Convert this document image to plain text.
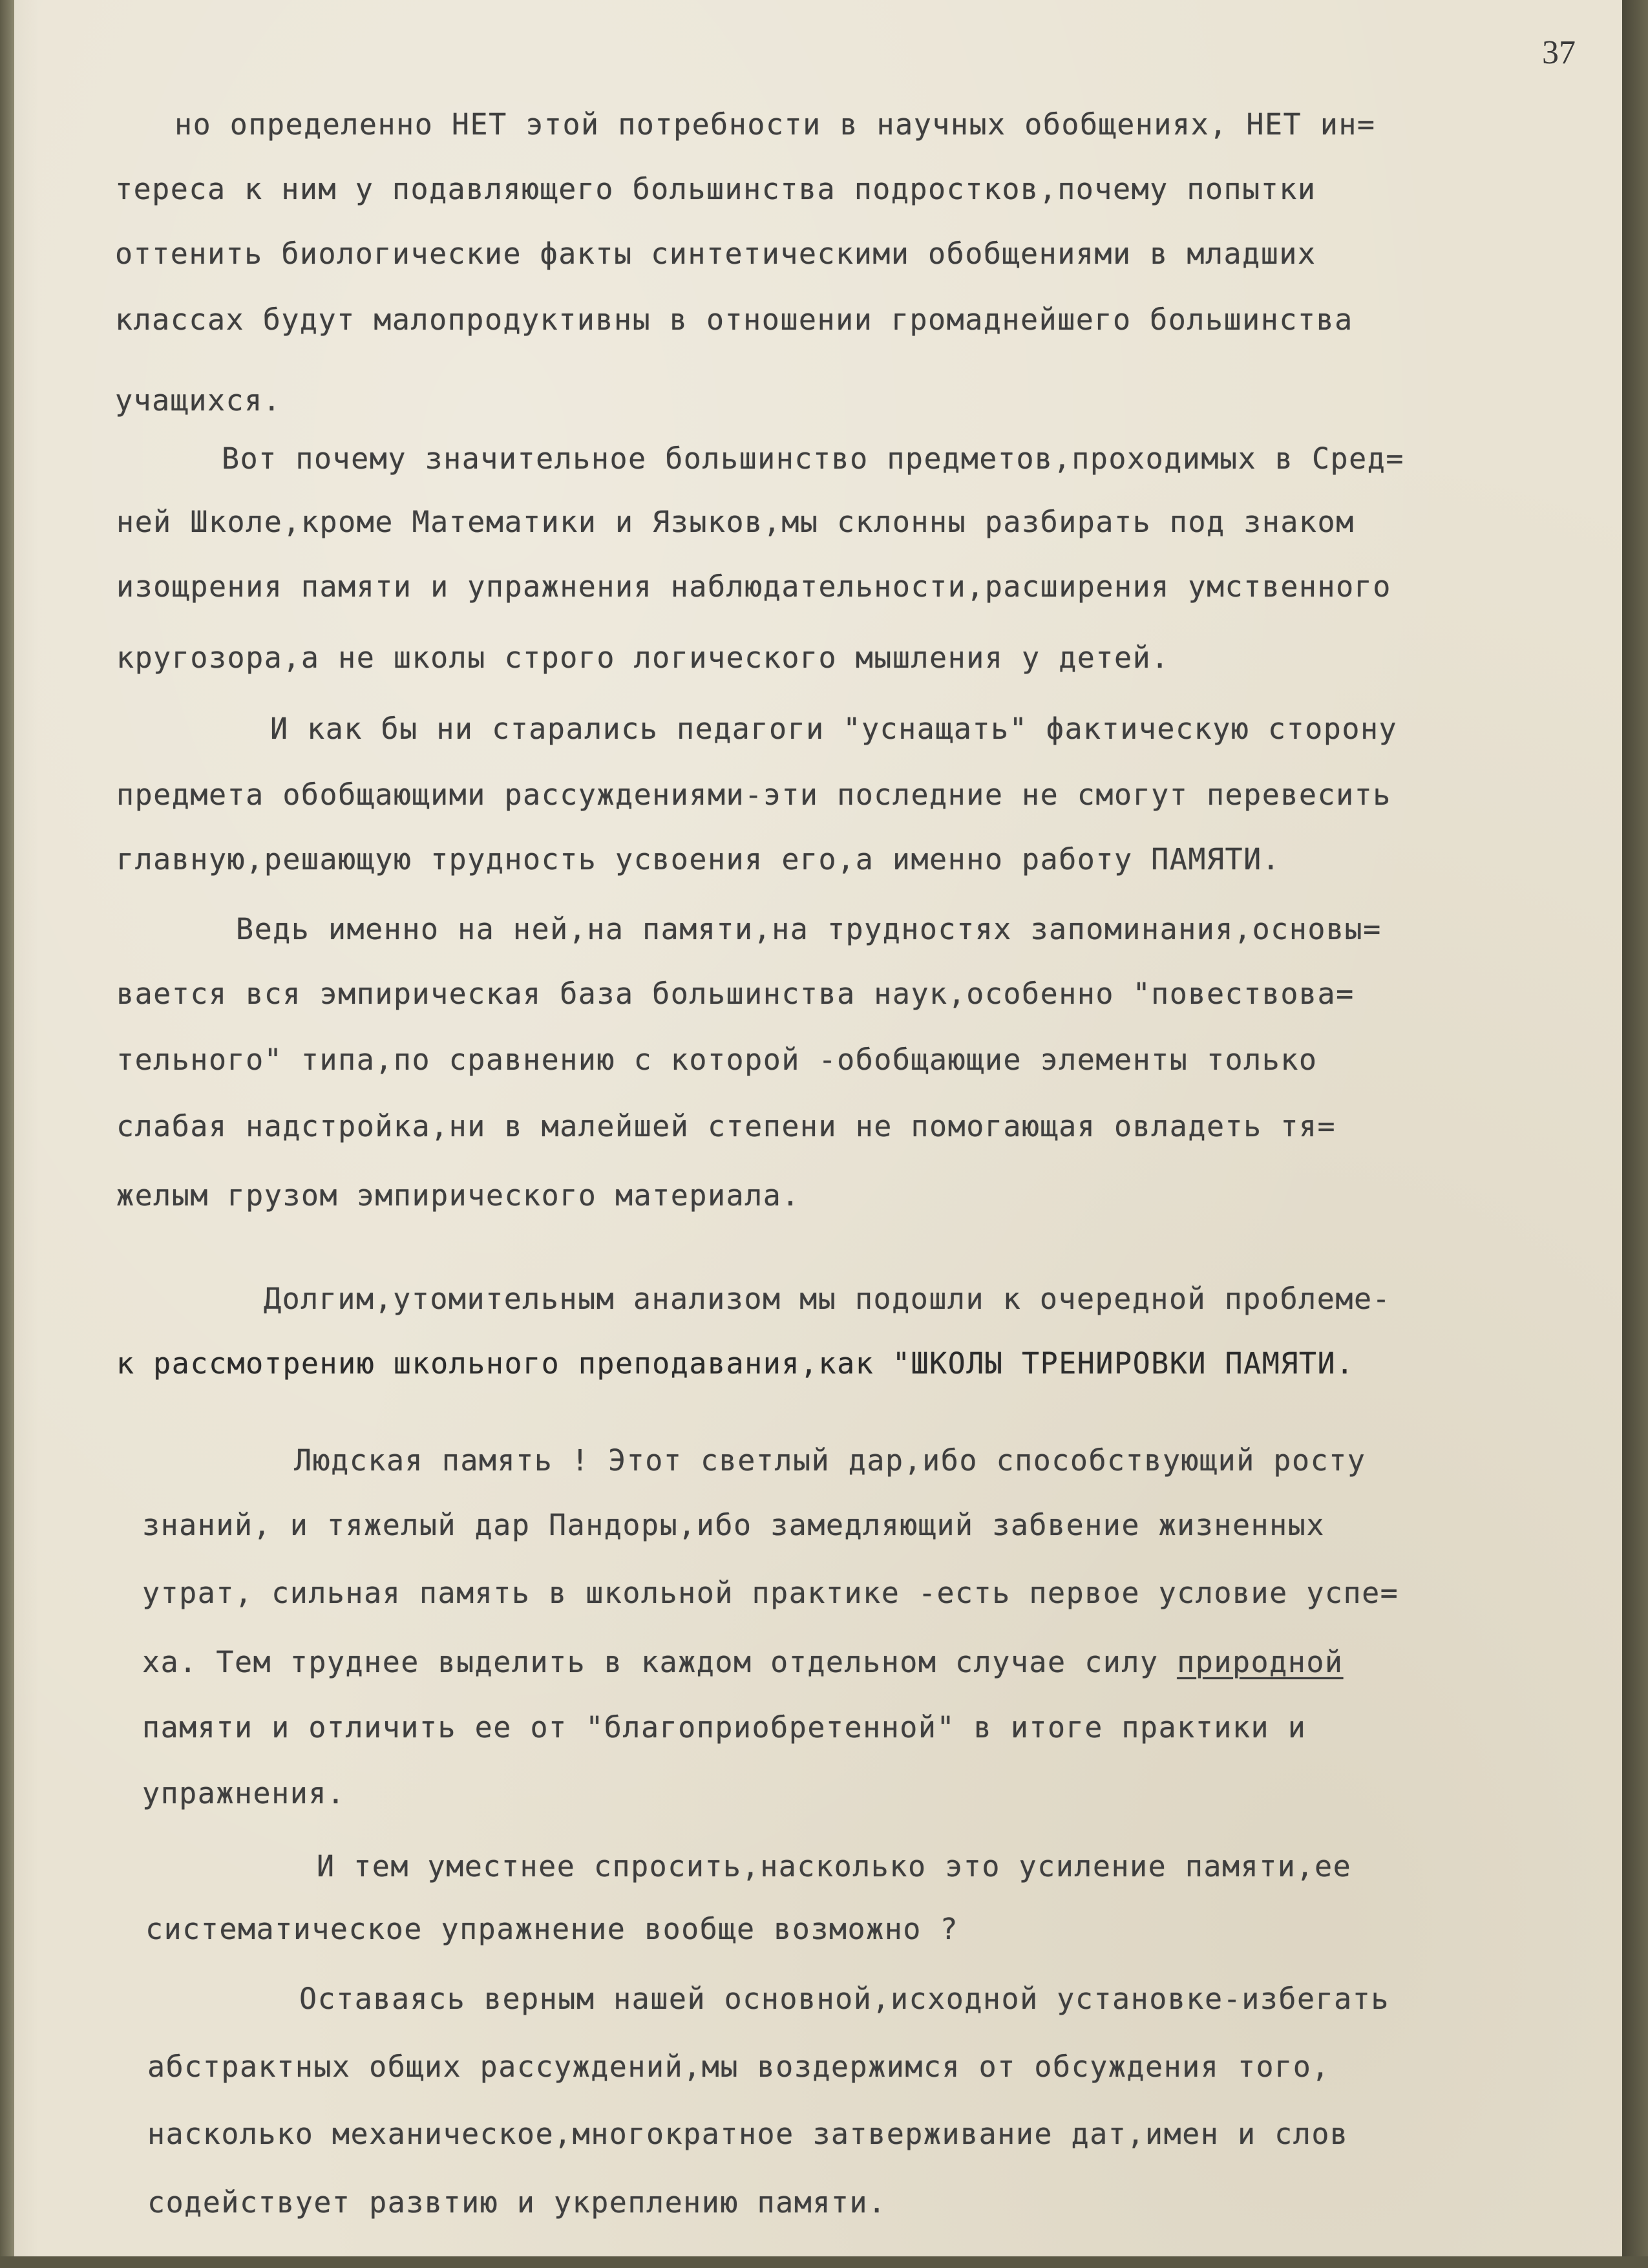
37

но определенно НЕТ этой потребности в научных обобщениях, НЕТ ин=

тереса к ним у подавляющего большинства подростков,почему попытки

оттенить биологические факты синтетическими обобщениями в младших

классах будут малопродуктивны в отношении громаднейшего большинства

учащихся.

Вот почему значительное большинство предметов,проходимых в Сред=

ней Школе,кроме Математики и Языков,мы склонны разбирать под знаком

изощрения памяти и упражнения наблюдательности,расширения умственного

кругозора,а не школы строго логического мышления у детей.

И как бы ни старались педагоги "уснащать" фактическую сторону

предмета обобщающими рассуждениями-эти последние не смогут перевесить

главную,решающую трудность усвоения его,а именно работу ПАМЯТИ.

Ведь именно на ней,на памяти,на трудностях запоминания,основы=

вается вся эмпирическая база большинства наук,особенно "повествова=

тельного" типа,по сравнению с которой -обобщающие элементы только

слабая надстройка,ни в малейшей степени не помогающая овладеть тя=

желым грузом эмпирического материала.

Долгим,утомительным анализом мы подошли к очередной проблеме-

к рассмотрению школьного преподавания,как "ШКОЛЫ ТРЕНИРОВКИ ПАМЯТИ.

Людская память ! Этот светлый дар,ибо способствующий росту

знаний, и тяжелый дар Пандоры,ибо замедляющий забвение жизненных

утрат, сильная память в школьной практике -есть первое условие успе=

ха. Тем труднее выделить в каждом отдельном случае силу природной

памяти и отличить ее от "благоприобретенной" в итоге практики и

упражнения.

И тем уместнее спросить,насколько это усиление памяти,ее

систематическое упражнение вообще возможно ?

Оставаясь верным нашей основной,исходной установке-избегать

абстрактных общих рассуждений,мы воздержимся от обсуждения того,

насколько механическое,многократное затверживание дат,имен и слов

содействует развтию и укреплению памяти.
